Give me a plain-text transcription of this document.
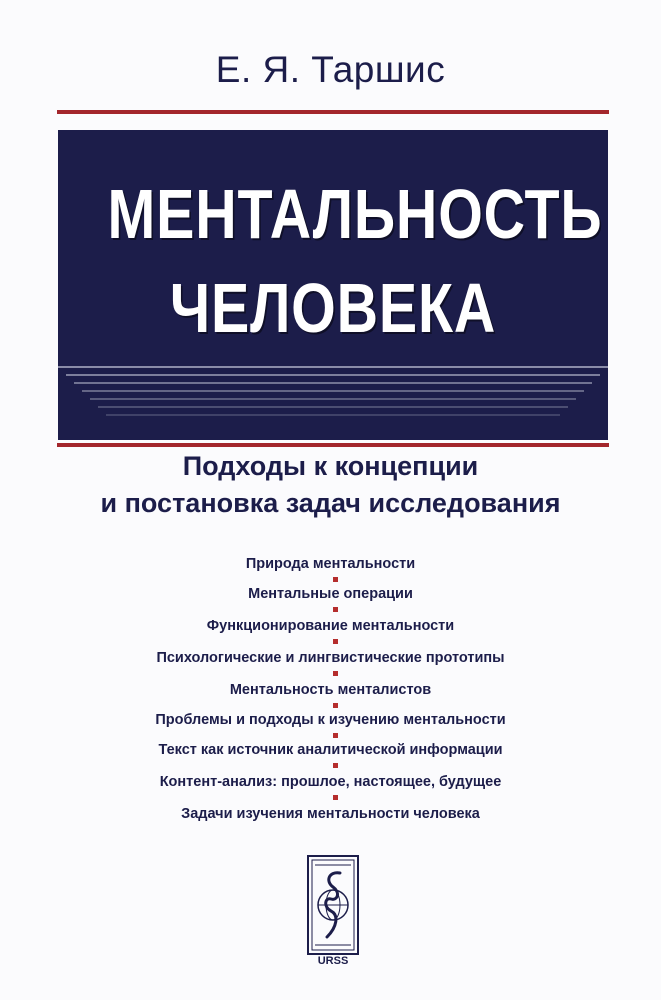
Е. Я. Таршис
МЕНТАЛЬНОСТЬ
ЧЕЛОВЕКА
Подходы к концепции
и постановка задач исследования
Природа ментальности
Ментальные операции
Функционирование ментальности
Психологические и лингвистические прототипы
Ментальность менталистов
Проблемы и подходы к изучению ментальности
Текст как источник аналитической информации
Контент-анализ: прошлое, настоящее, будущее
Задачи изучения ментальности человека
URSS
